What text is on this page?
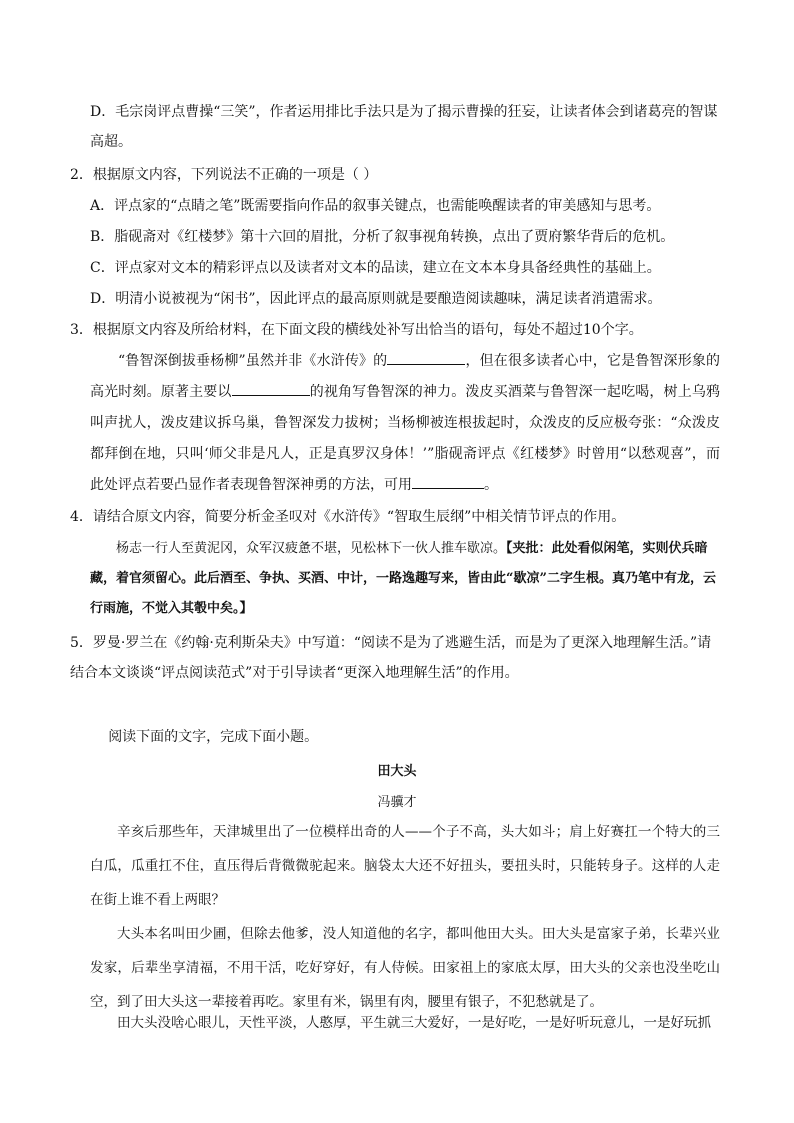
D．毛宗岗评点曹操“三笑”，作者运用排比手法只是为了揭示曹操的狂妄，让读者体会到诸葛亮的智谋
高超。

2．根据原文内容，下列说法不正确的一项是（ ）

A．评点家的“点睛之笔”既需要指向作品的叙事关键点，也需能唤醒读者的审美感知与思考。

B．脂砚斋对《红楼梦》第十六回的眉批，分析了叙事视角转换，点出了贾府繁华背后的危机。

C．评点家对文本的精彩评点以及读者对文本的品读，建立在文本本身具备经典性的基础上。

D．明清小说被视为“闲书”，因此评点的最高原则就是要酿造阅读趣味，满足读者消遣需求。

3．根据原文内容及所给材料，在下面文段的横线处补写出恰当的语句，每处不超过10个字。

“鲁智深倒拔垂杨柳”虽然并非《水浒传》的	，但在很多读者心中，它是鲁智深形象的高光时刻。原著主要以	的视角写鲁智深的神力。泼皮买酒菜与鲁智深一起吃喝，树上乌鸦叫声扰人，泼皮建议拆乌巢，鲁智深发力拔树；当杨柳被连根拔起时，众泼皮的反应极夸张：“众泼皮都拜倒在地，只叫‘师父非是凡人，正是真罗汉身体！’”脂砚斋评点《红楼梦》时曾用“以愁观喜”，而此处评点若要凸显作者表现鲁智深神勇的方法，可用	。

4．请结合原文内容，简要分析金圣叹对《水浒传》“智取生辰纲”中相关情节评点的作用。

杨志一行人至黄泥冈，众军汉疲惫不堪，见松林下一伙人推车歇凉。【夹批：此处看似闲笔，实则伏兵暗藏，着官须留心。此后酒至、争执、买酒、中计，一路逸趣写来，皆由此“歇凉”二字生根。真乃笔中有龙，云行雨施，不觉入其彀中矣。】

5．罗曼·罗兰在《约翰·克利斯朵夫》中写道：“阅读不是为了逃避生活，而是为了更深入地理解生活。”请结合本文谈谈“评点阅读范式”对于引导读者“更深入地理解生活”的作用。

阅读下面的文字，完成下面小题。

田大头

冯骥才

辛亥后那些年，天津城里出了一位模样出奇的人——个子不高，头大如斗；肩上好赛扛一个特大的三白瓜，瓜重扛不住，直压得后背微微驼起来。脑袋太大还不好扭头，要扭头时，只能转身子。这样的人走在街上谁不看上两眼？

大头本名叫田少圃，但除去他爹，没人知道他的名字，都叫他田大头。田大头是富家子弟，长辈兴业发家，后辈坐享清福，不用干活，吃好穿好，有人侍候。田家祖上的家底太厚，田大头的父亲也没坐吃山空，到了田大头这一辈接着再吃。家里有米，锅里有肉，腰里有银子，不犯愁就是了。

田大头没啥心眼儿，天性平淡，人憨厚，平生就三大爱好，一是好吃，一是好听玩意儿，一是好玩抓
